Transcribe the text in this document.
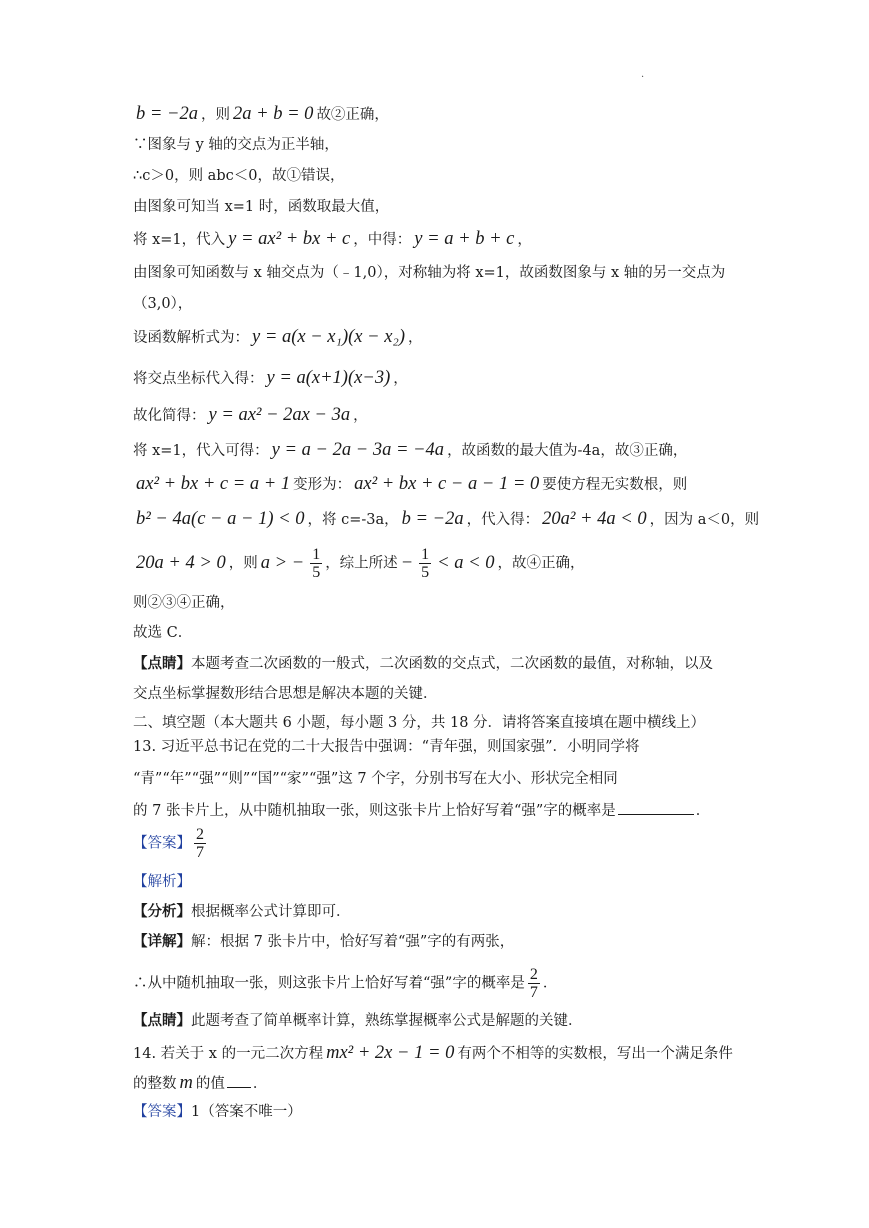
·
b = −2a ，则 2a + b = 0 故②正确，
∵图象与 y 轴的交点为正半轴，
∴c＞0，则 abc＜0，故①错误，
由图象可知当 x=1 时，函数取最大值，
将 x=1，代入 y = ax² + bx + c ，中得： y = a + b + c ，
由图象可知函数与 x 轴交点为（﹣1,0），对称轴为将 x=1，故函数图象与 x 轴的另一交点为
（3,0），
设函数解析式为： y = a(x − x₁)(x − x₂) ，
将交点坐标代入得： y = a(x+1)(x−3) ，
故化简得： y = ax² − 2ax − 3a ，
将 x=1，代入可得： y = a − 2a − 3a = −4a ，故函数的最大值为-4a，故③正确，
ax² + bx + c = a + 1 变形为： ax² + bx + c − a − 1 = 0 要使方程无实数根，则
b² − 4a(c − a − 1) < 0 ，将 c=-3a， b = −2a ，代入得： 20a² + 4a < 0 ，因为 a＜0，则
20a + 4 > 0 ，则 a > − $\frac{1}{5}$ ，综上所述 − $\frac{1}{5} < a < 0$ ，故④正确，
则②③④正确，
故选 C．
【点睛】本题考查二次函数的一般式，二次函数的交点式，二次函数的最值，对称轴，以及
交点坐标掌握数形结合思想是解决本题的关键．
二、填空题（本大题共 6 小题，每小题 3 分，共 18 分．请将答案直接填在题中横线上）
13. 习近平总书记在党的二十大报告中强调：“青年强，则国家强”．小明同学将
“青”“年”“强”“则”“国”“家”“强”这 7 个字，分别书写在大小、形状完全相同
的 7 张卡片上，从中随机抽取一张，则这张卡片上恰好写着“强”字的概率是	．
【答案】 $\frac{2}{7}$
【解析】
【分析】根据概率公式计算即可．
【详解】解：根据 7 张卡片中，恰好写着“强”字的有两张，
∴从中随机抽取一张，则这张卡片上恰好写着“强”字的概率是 $\frac{2}{7}$ ．
【点睛】此题考查了简单概率计算，熟练掌握概率公式是解题的关键．
14. 若关于 x 的一元二次方程 mx² + 2x − 1 = 0 有两个不相等的实数根，写出一个满足条件
的整数 m 的值 ．
【答案】1（答案不唯一）
